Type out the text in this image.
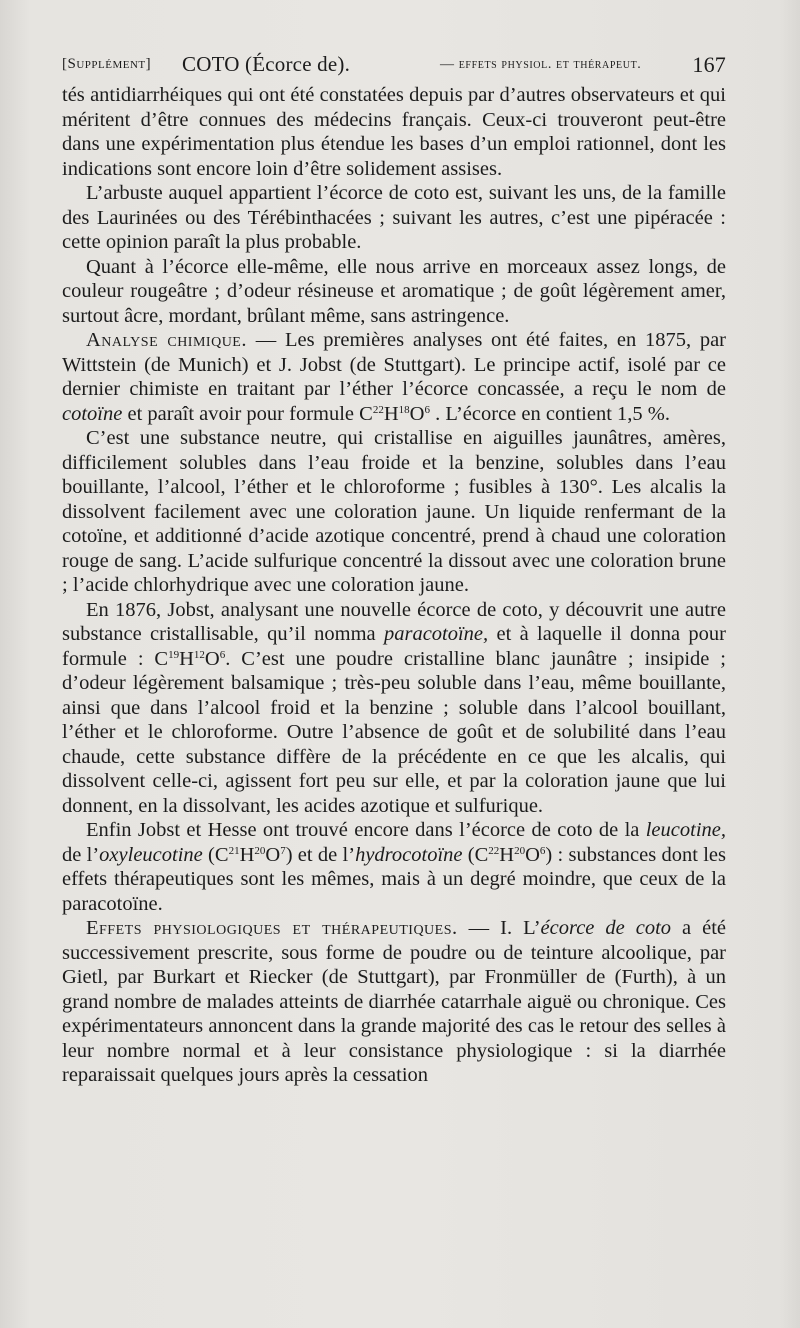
[Supplément] COTO (Écorce de).	— effets physiol. et thérapeut. 167

tés antidiarrhéiques qui ont été constatées depuis par d’autres observateurs et qui méritent d’être connues des médecins français. Ceux-ci trouveront peut-être dans une expérimentation plus étendue les bases d’un emploi rationnel, dont les indications sont encore loin d’être solidement assises.

L’arbuste auquel appartient l’écorce de coto est, suivant les uns, de la famille des Laurinées ou des Térébinthacées ; suivant les autres, c’est une pipéracée : cette opinion paraît la plus probable.

Quant à l’écorce elle-même, elle nous arrive en morceaux assez longs, de couleur rougeâtre ; d’odeur résineuse et aromatique ; de goût légèrement amer, surtout âcre, mordant, brûlant même, sans astringence.

Analyse chimique. — Les premières analyses ont été faites, en 1875, par Wittstein (de Munich) et J. Jobst (de Stuttgart). Le principe actif, isolé par ce dernier chimiste en traitant par l’éther l’écorce concassée, a reçu le nom de cotoïne et paraît avoir pour formule $C^{22}H^{18}O^6$ . L’écorce en contient 1,5 %.

C’est une substance neutre, qui cristallise en aiguilles jaunâtres, amères, difficilement solubles dans l’eau froide et la benzine, solubles dans l’eau bouillante, l’alcool, l’éther et le chloroforme ; fusibles à 130°. Les alcalis la dissolvent facilement avec une coloration jaune. Un liquide renfermant de la cotoïne, et additionné d’acide azotique concentré, prend à chaud une coloration rouge de sang. L’acide sulfurique concentré la dissout avec une coloration brune ; l’acide chlorhydrique avec une coloration jaune.

En 1876, Jobst, analysant une nouvelle écorce de coto, y découvrit une autre substance cristallisable, qu’il nomma paracotoïne, et à laquelle il donna pour formule : $C^{19}H^{12}O^6$. C’est une poudre cristalline blanc jaunâtre ; insipide ; d’odeur légèrement balsamique ; très-peu soluble dans l’eau, même bouillante, ainsi que dans l’alcool froid et la benzine ; soluble dans l’alcool bouillant, l’éther et le chloroforme. Outre l’absence de goût et de solubilité dans l’eau chaude, cette substance diffère de la précédente en ce que les alcalis, qui dissolvent celle-ci, agissent fort peu sur elle, et par la coloration jaune que lui donnent, en la dissolvant, les acides azotique et sulfurique.

Enfin Jobst et Hesse ont trouvé encore dans l’écorce de coto de la leucotine, de l’oxyleucotine $(C^{21}H^{20}O^7)$ et de l’hydrocotoïne $(C^{22}H^{20}O^6)$ : substances dont les effets thérapeutiques sont les mêmes, mais à un degré moindre, que ceux de la paracotoïne.

Effets physiologiques et thérapeutiques. — I. L’écorce de coto a été successivement prescrite, sous forme de poudre ou de teinture alcoolique, par Gietl, par Burkart et Riecker (de Stuttgart), par Fronmüller de (Furth), à un grand nombre de malades atteints de diarrhée catarrhale aiguë ou chronique. Ces expérimentateurs annoncent dans la grande majorité des cas le retour des selles à leur nombre normal et à leur consistance physiologique : si la diarrhée reparaissait quelques jours après la cessation
